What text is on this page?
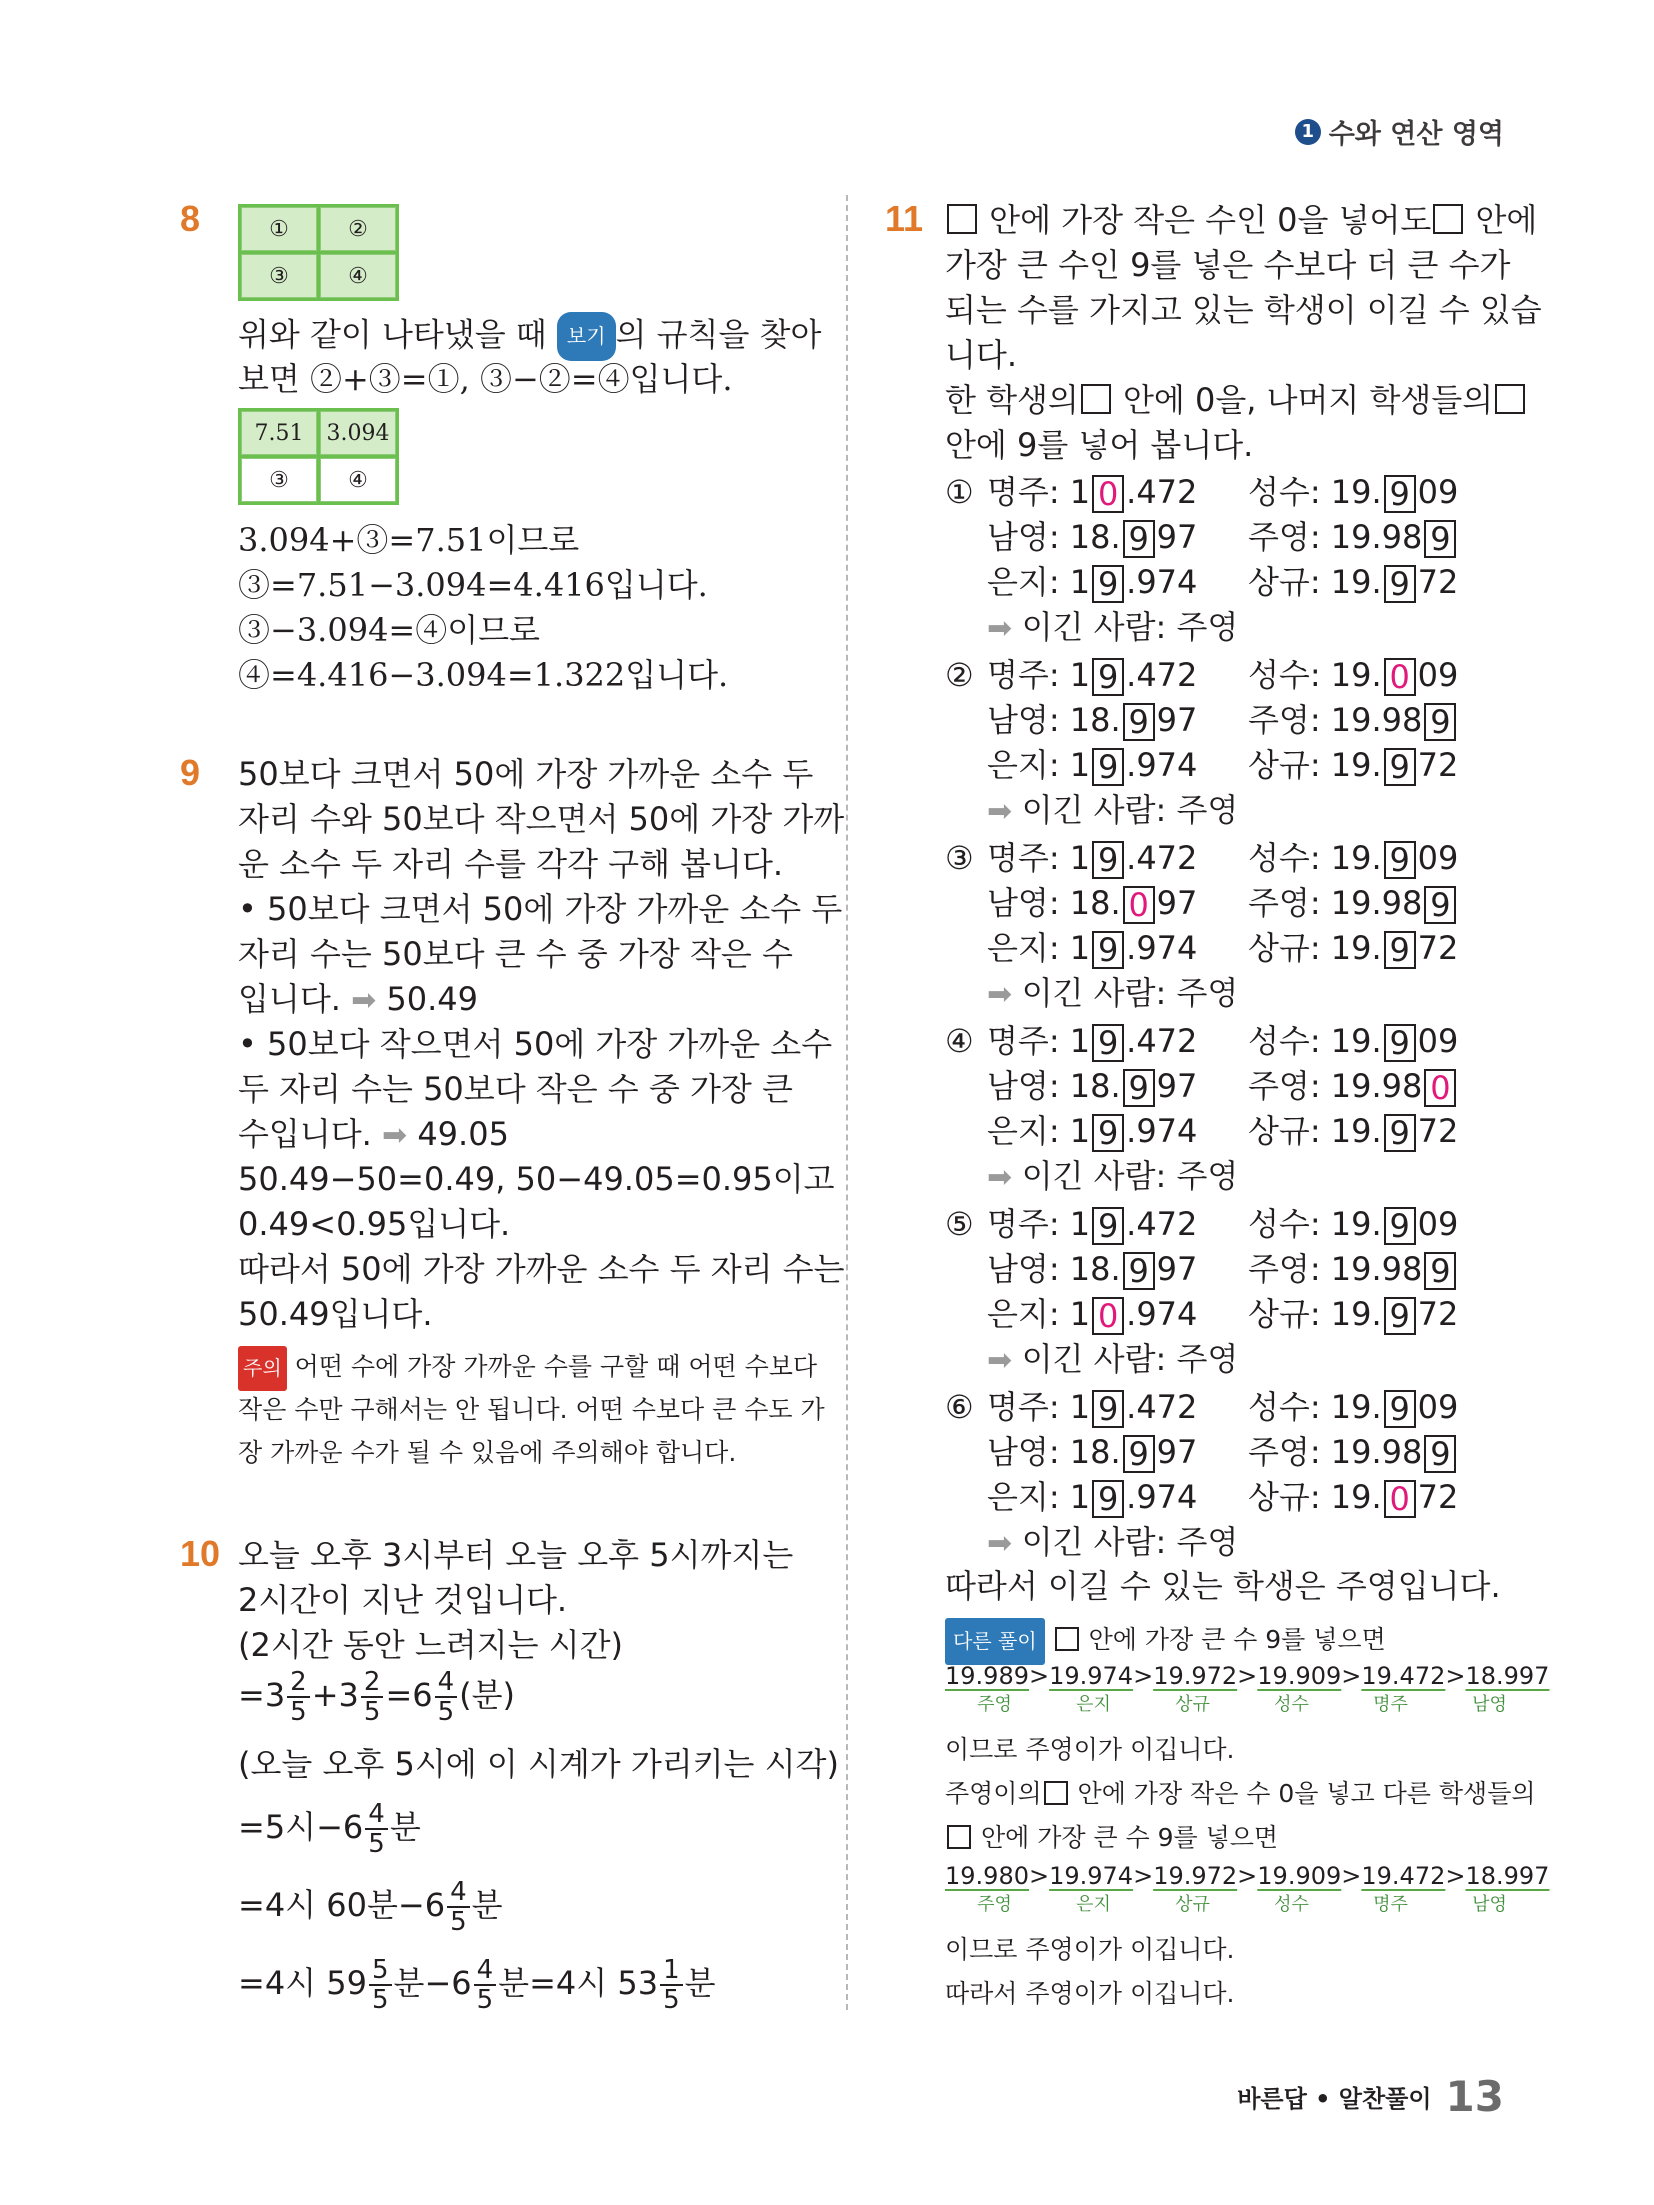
1 수와 연산 영역
8	①	②
③	④
위와 같이 나타냈을 때 보기 의 규칙을 찾아
보면 ②+③=①, ③−②=④입니다.
7.51	3.094
③	④
3.094+③=7.51이므로
③=7.51−3.094=4.416입니다.
③−3.094=④이므로
④=4.416−3.094=1.322입니다.
9 50보다 크면서 50에 가장 가까운 소수 두
자리 수와 50보다 작으면서 50에 가장 가까
운 소수 두 자리 수를 각각 구해 봅니다.
• 50보다 크면서 50에 가장 가까운 소수 두
자리 수는 50보다 큰 수 중 가장 작은 수
입니다. ➡ 50.49
• 50보다 작으면서 50에 가장 가까운 소수
두 자리 수는 50보다 작은 수 중 가장 큰
수입니다. ➡ 49.05
50.49−50=0.49, 50−49.05=0.95이고
0.49<0.95입니다.
따라서 50에 가장 가까운 소수 두 자리 수는
50.49입니다.
주의 어떤 수에 가장 가까운 수를 구할 때 어떤 수보다
작은 수만 구해서는 안 됩니다. 어떤 수보다 큰 수도 가
장 가까운 수가 될 수 있음에 주의해야 합니다.
10 오늘 오후 3시부터 오늘 오후 5시까지는
2시간이 지난 것입니다.
(2시간 동안 느려지는 시간)
$=3 \frac{2}{5} +3 \frac{2}{5} =6 \frac{4}{5}$ (분)
(오늘 오후 5시에 이 시계가 가리키는 시각)
=5시$-6 \frac{4}{5}$ 분
=4시 60분$-6 \frac{4}{5}$ 분
=4시 $59 \frac{5}{5}$ 분$-6 \frac{4}{5}$ 분=4시 $53 \frac{1}{5}$ 분
11	안에 가장 작은 수인 0을 넣어도 안에
가장 큰 수인 9를 넣은 수보다 더 큰 수가
되는 수를 가지고 있는 학생이 이길 수 있습
니다.
한 학생의 안에 0을, 나머지 학생들의
안에 9를 넣어 봅니다.
① 명주: 1 0 .472 성수: 19. 9 09
남영: 18. 9 97 주영: 19.98 9
은지: 1 9 .974 상규: 19. 9 72
➡ 이긴 사람: 주영
② 명주: 1 9 .472 성수: 19. 0 09
남영: 18. 9 97 주영: 19.98 9
은지: 1 9 .974 상규: 19. 9 72
➡ 이긴 사람: 주영
③ 명주: 1 9 .472 성수: 19. 9 09
남영: 18. 0 97 주영: 19.98 9
은지: 1 9 .974 상규: 19. 9 72
➡ 이긴 사람: 주영
④ 명주: 1 9 .472 성수: 19. 9 09
남영: 18. 9 97 주영: 19.98 0
은지: 1 9 .974 상규: 19. 9 72
➡ 이긴 사람: 주영
⑤ 명주: 1 9 .472 성수: 19. 9 09
남영: 18. 9 97 주영: 19.98 9
은지: 1 0 .974 상규: 19. 9 72
➡ 이긴 사람: 주영
⑥ 명주: 1 9 .472 성수: 19. 9 09
남영: 18. 9 97 주영: 19.98 9
은지: 1 9 .974 상규: 19. 0 72
➡ 이긴 사람: 주영
따라서 이길 수 있는 학생은 주영입니다.
다른 풀이 안에 가장 큰 수 9를 넣으면
19.989>19.974>19.972>19.909>19.472>18.997
주영	은지	상규	성수	명주	남영
이므로 주영이가 이깁니다.
주영이의 안에 가장 작은 수 0을 넣고 다른 학생들의
안에 가장 큰 수 9를 넣으면
19.980>19.974>19.972>19.909>19.472>18.997
주영	은지	상규	성수	명주	남영
이므로 주영이가 이깁니다.
따라서 주영이가 이깁니다.
바른답 • 알찬풀이 13
